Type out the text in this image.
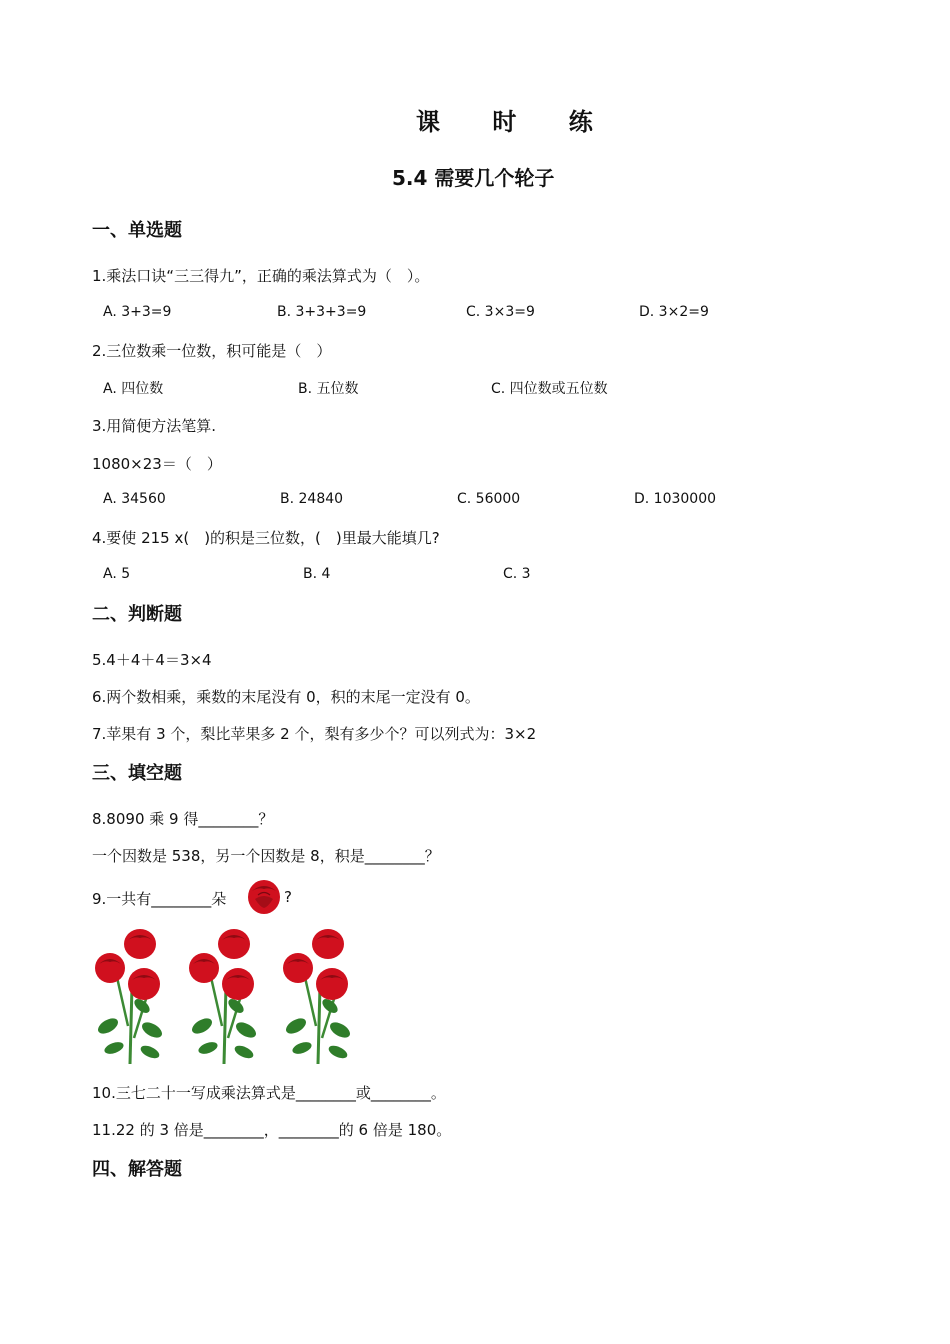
课 时 练
5.4 需要几个轮子
一、单选题
1.乘法口诀“三三得九”，正确的乘法算式为（　）。
A. 3+3=9	B. 3+3+3=9	C. 3×3=9	D. 3×2=9
2.三位数乘一位数，积可能是（　）
A. 四位数	B. 五位数	C. 四位数或五位数
3.用简便方法笔算.
1080×23＝（　）
A. 34560	B. 24840	C. 56000	D. 1030000
4.要使 215 x(　)的积是三位数，(　)里最大能填几?
A. 5	B. 4	C. 3
二、判断题
5.4＋4＋4＝3×4
6.两个数相乘，乘数的末尾没有 0，积的末尾一定没有 0。
7.苹果有 3 个，梨比苹果多 2 个，梨有多少个？可以列式为：3×2
三、填空题
8.8090 乘 9 得________？
一个因数是 538，另一个因数是 8，积是________？
9.一共有________朵	?
10.三七二十一写成乘法算式是________或________。
11.22 的 3 倍是________，________的 6 倍是 180。
四、解答题
